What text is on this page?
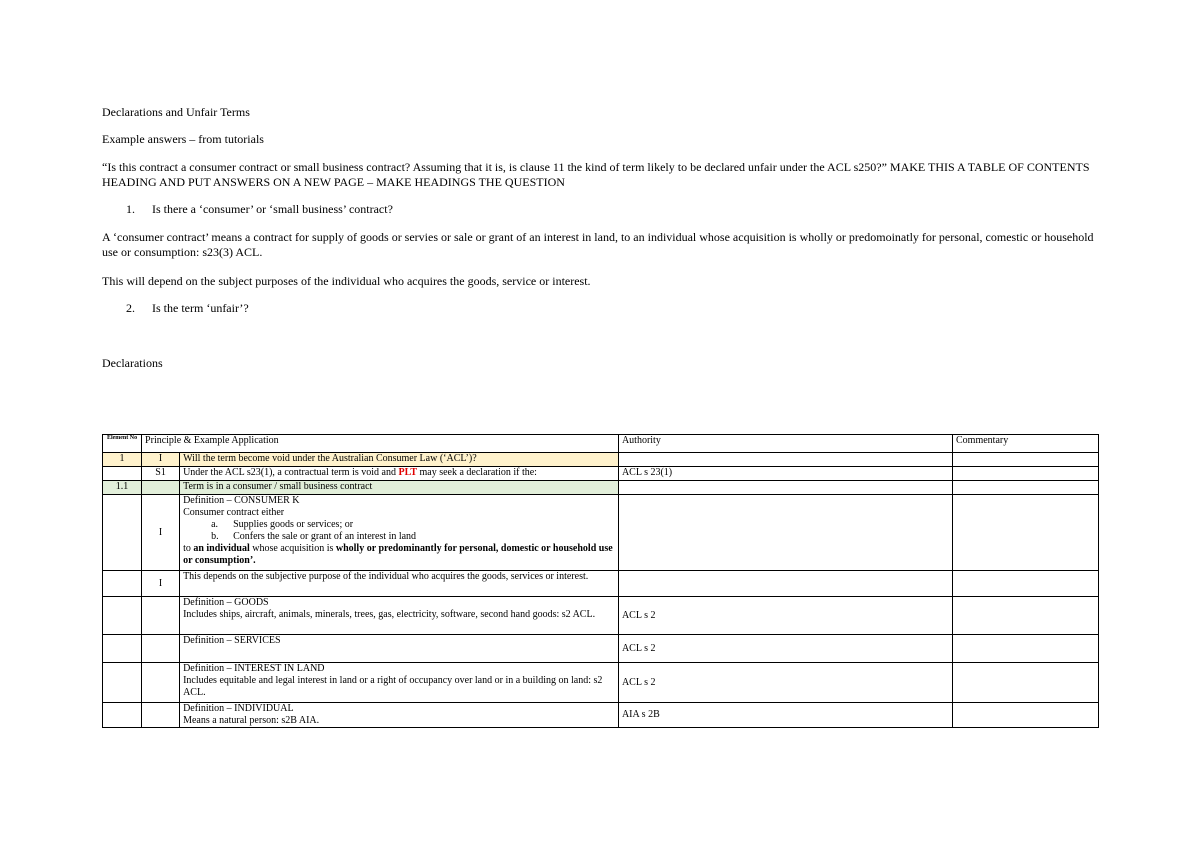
Declarations and Unfair Terms

Example answers – from tutorials

“Is this contract a consumer contract or small business contract? Assuming that it is, is clause 11 the kind of term likely to be declared unfair under the ACL s250?” MAKE THIS A TABLE OF CONTENTS HEADING AND PUT ANSWERS ON A NEW PAGE – MAKE HEADINGS THE QUESTION

1. Is there a ‘consumer’ or ‘small business’ contract?

A ‘consumer contract’ means a contract for supply of goods or servies or sale or grant of an interest in land, to an individual whose acquisition is wholly or predomoinatly for personal, comestic or household use or consumption: s23(3) ACL.

This will depend on the subject purposes of the individual who acquires the goods, service or interest.

2. Is the term ‘unfair’?

Declarations

Element No	Principle & Example Application		Authority	Commentary
1	I	Will the term become void under the Australian Consumer Law (‘ACL’)?		
	S1	Under the ACL s23(1), a contractual term is void and PLT may seek a declaration if the:	ACL s 23(1)	
1.1		Term is in a consumer / small business contract		
	I	Definition – CONSUMER K
Consumer contract either
a. Supplies goods or services; or
b. Confers the sale or grant of an interest in land
to an individual whose acquisition is wholly or predominantly for personal, domestic or household use or consumption’.		

	I	This depends on the subjective purpose of the individual who acquires the goods, services or interest.		

		Definition – GOODS
Includes ships, aircraft, animals, minerals, trees, gas, electricity, software, second hand goods: s2 ACL.	ACL s 2	

		Definition – SERVICES	ACL s 2	

		Definition – INTEREST IN LAND
Includes equitable and legal interest in land or a right of occupancy over land or in a building on land: s2 ACL.	ACL s 2	

		Definition – INDIVIDUAL
Means a natural person: s2B AIA.	AIA s 2B	
